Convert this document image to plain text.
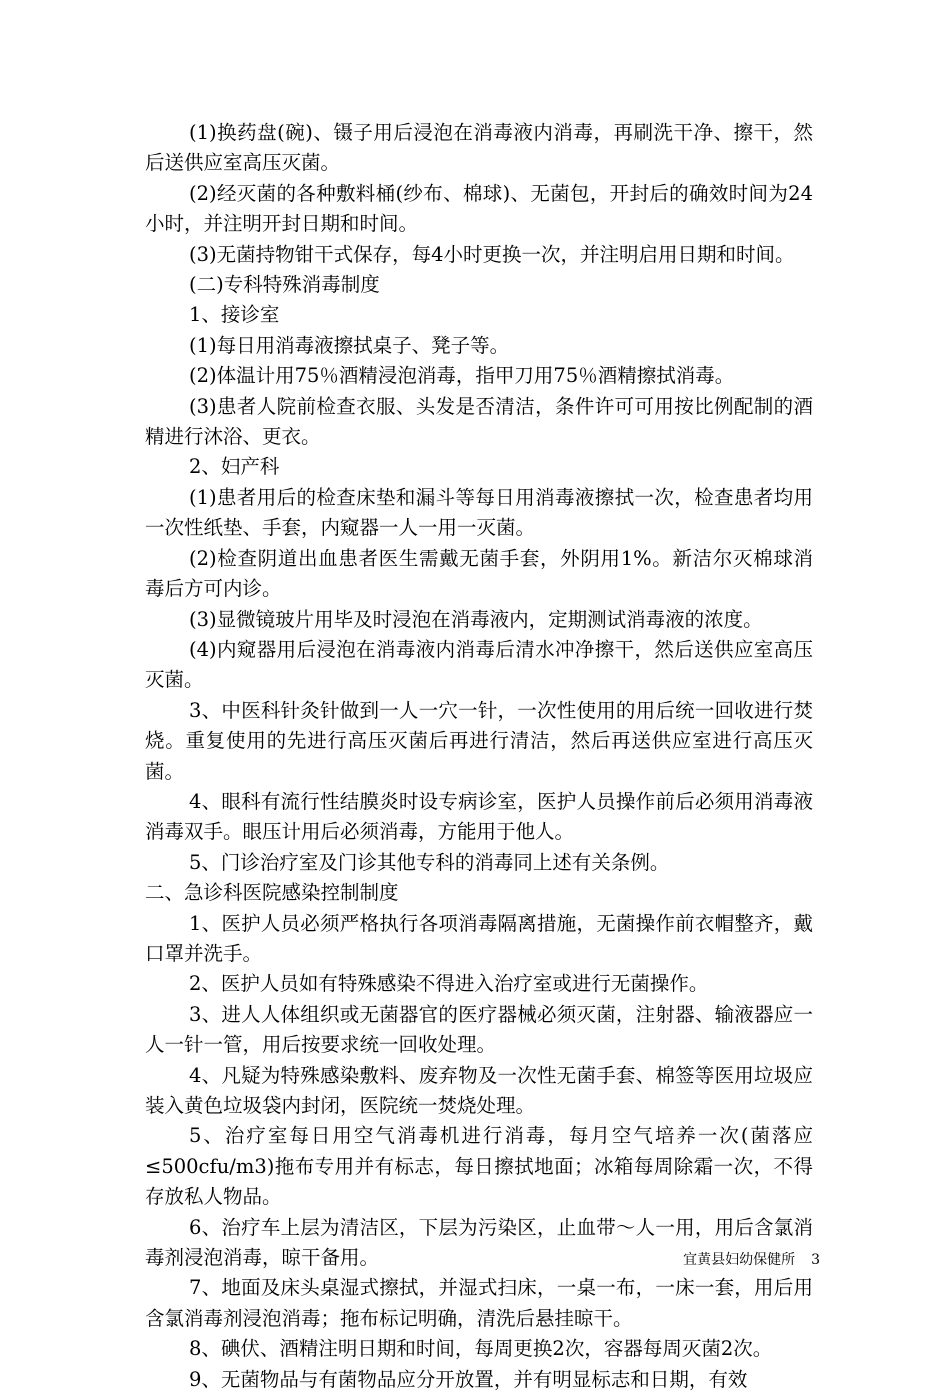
(1)换药盘(碗)、镊子用后浸泡在消毒液内消毒，再刷洗干净、擦干，然后送供应室高压灭菌。

(2)经灭菌的各种敷料桶(纱布、棉球)、无菌包，开封后的确效时间为24小时，并注明开封日期和时间。

(3)无菌持物钳干式保存，每4小时更换一次，并注明启用日期和时间。

(二)专科特殊消毒制度

1、接诊室

(1)每日用消毒液擦拭桌子、凳子等。

(2)体温计用75％酒精浸泡消毒，指甲刀用75％酒精擦拭消毒。

(3)患者人院前检查衣服、头发是否清洁，条件许可可用按比例配制的酒精进行沐浴、更衣。

2、妇产科

(1)患者用后的检查床垫和漏斗等每日用消毒液擦拭一次，检查患者均用一次性纸垫、手套，内窥器一人一用一灭菌。

(2)检查阴道出血患者医生需戴无菌手套，外阴用1%。新洁尔灭棉球消毒后方可内诊。

(3)显微镜玻片用毕及时浸泡在消毒液内，定期测试消毒液的浓度。

(4)内窥器用后浸泡在消毒液内消毒后清水冲净擦干，然后送供应室高压灭菌。

3、中医科针灸针做到一人一穴一针，一次性使用的用后统一回收进行焚烧。重复使用的先进行高压灭菌后再进行清洁，然后再送供应室进行高压灭菌。

4、眼科有流行性结膜炎时设专病诊室，医护人员操作前后必须用消毒液消毒双手。眼压计用后必须消毒，方能用于他人。

5、门诊治疗室及门诊其他专科的消毒同上述有关条例。

二、急诊科医院感染控制制度

1、医护人员必须严格执行各项消毒隔离措施，无菌操作前衣帽整齐，戴口罩并洗手。

2、医护人员如有特殊感染不得进入治疗室或进行无菌操作。

3、进人人体组织或无菌器官的医疗器械必须灭菌，注射器、输液器应一人一针一管，用后按要求统一回收处理。

4、凡疑为特殊感染敷料、废弃物及一次性无菌手套、棉签等医用垃圾应装入黄色垃圾袋内封闭，医院统一焚烧处理。

5、治疗室每日用空气消毒机进行消毒，每月空气培养一次(菌落应≤500cfu/m3)拖布专用并有标志，每日擦拭地面；冰箱每周除霜一次，不得存放私人物品。

6、治疗车上层为清洁区，下层为污染区，止血带～人一用，用后含氯消毒剂浸泡消毒，晾干备用。

7、地面及床头桌湿式擦拭，并湿式扫床，一桌一布，一床一套，用后用含氯消毒剂浸泡消毒；拖布标记明确，清洗后悬挂晾干。

8、碘伏、酒精注明日期和时间，每周更换2次，容器每周灭菌2次。

9、无菌物品与有菌物品应分开放置，并有明显标志和日期，有效

宜黄县妇幼保健所 3
